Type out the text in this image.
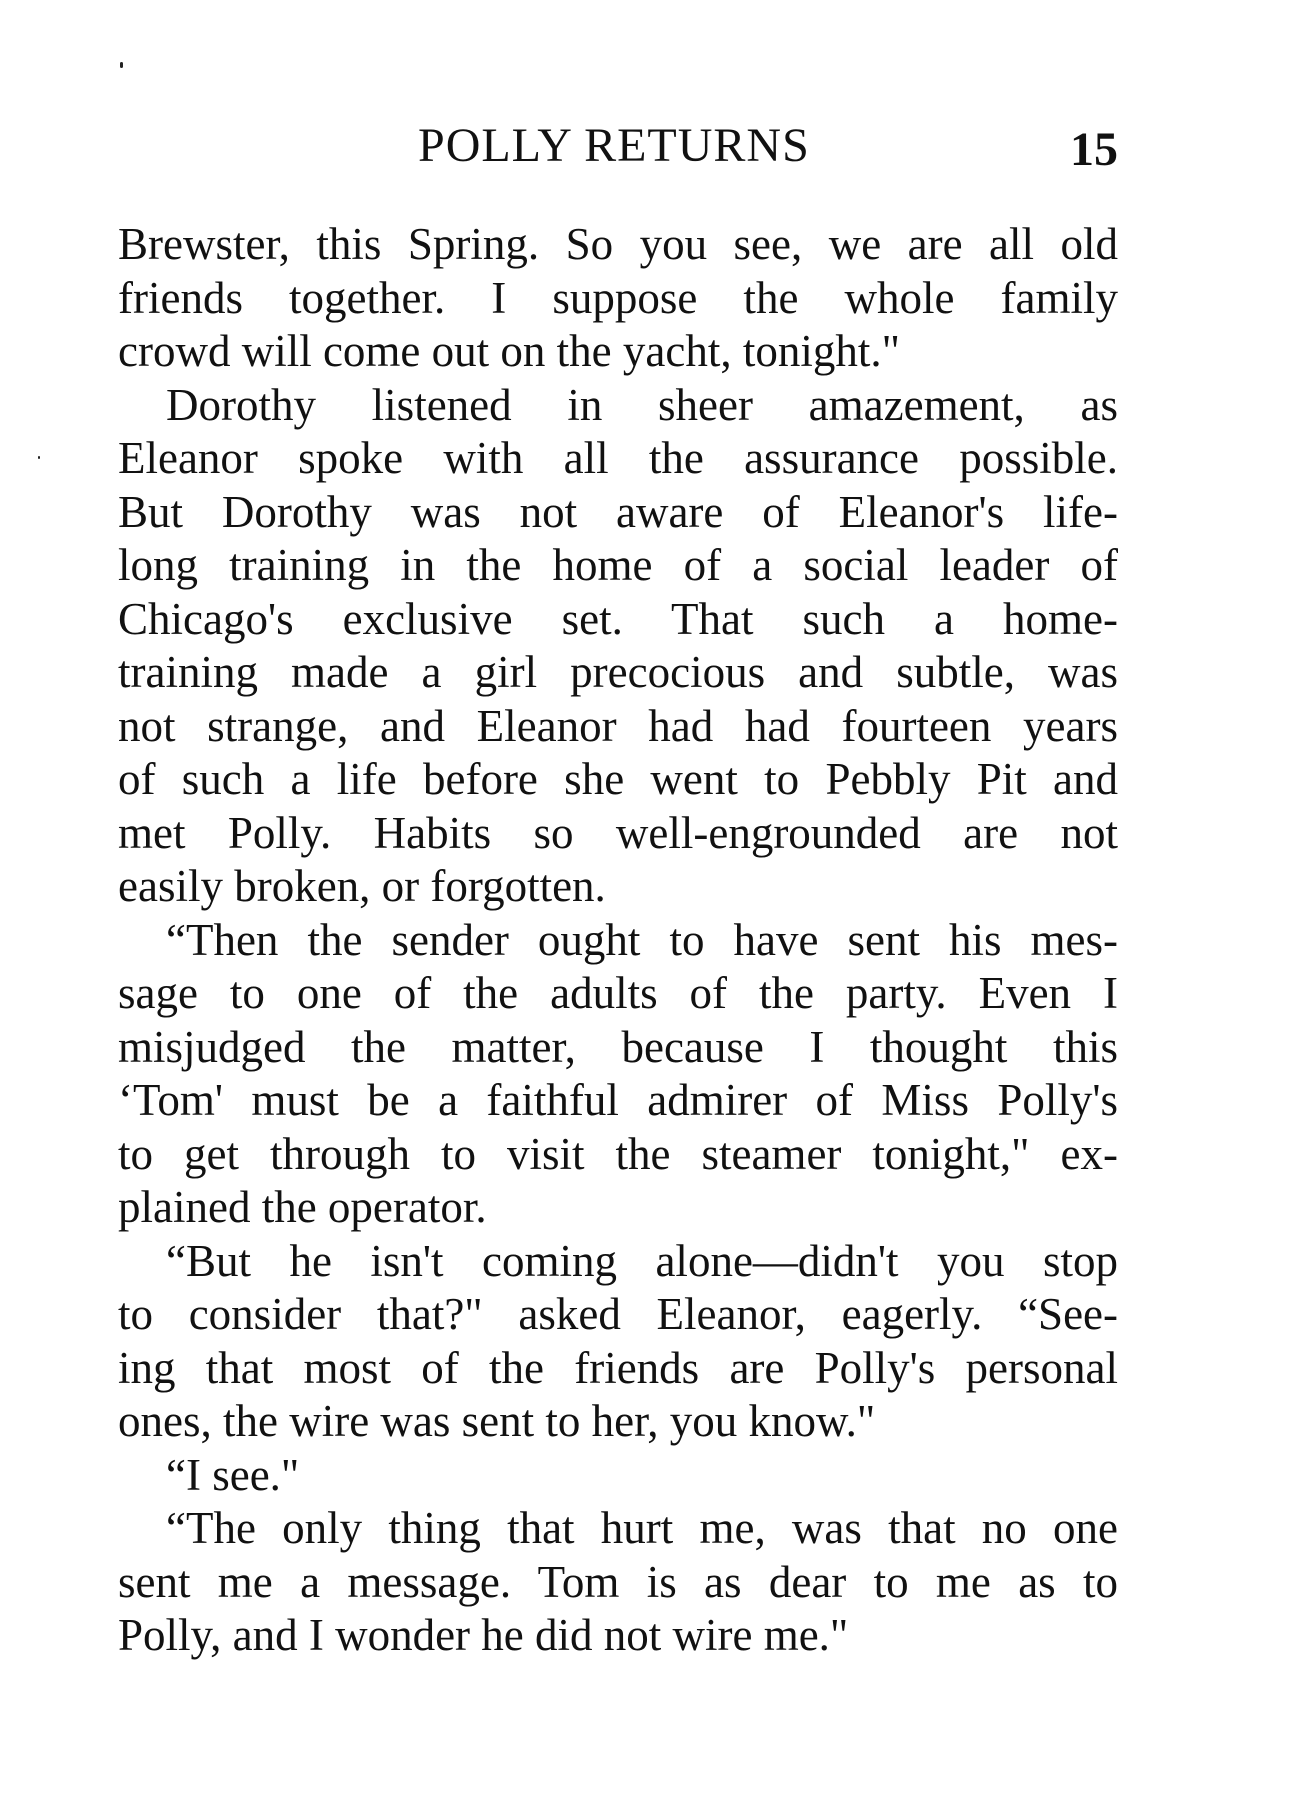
POLLY RETURNS	15

Brewster, this Spring. So you see, we are all old
friends together. I suppose the whole family
crowd will come out on the yacht, tonight."

Dorothy listened in sheer amazement, as
Eleanor spoke with all the assurance possible.
But Dorothy was not aware of Eleanor's life-
long training in the home of a social leader of
Chicago's exclusive set. That such a home-
training made a girl precocious and subtle, was
not strange, and Eleanor had had fourteen years
of such a life before she went to Pebbly Pit and
met Polly. Habits so well-engrounded are not
easily broken, or forgotten.

“Then the sender ought to have sent his mes-
sage to one of the adults of the party. Even I
misjudged the matter, because I thought this
‘Tom' must be a faithful admirer of Miss Polly's
to get through to visit the steamer tonight," ex-
plained the operator.

“But he isn't coming alone—didn't you stop
to consider that?" asked Eleanor, eagerly. “See-
ing that most of the friends are Polly's personal
ones, the wire was sent to her, you know."

“I see."

“The only thing that hurt me, was that no one
sent me a message. Tom is as dear to me as to
Polly, and I wonder he did not wire me."
